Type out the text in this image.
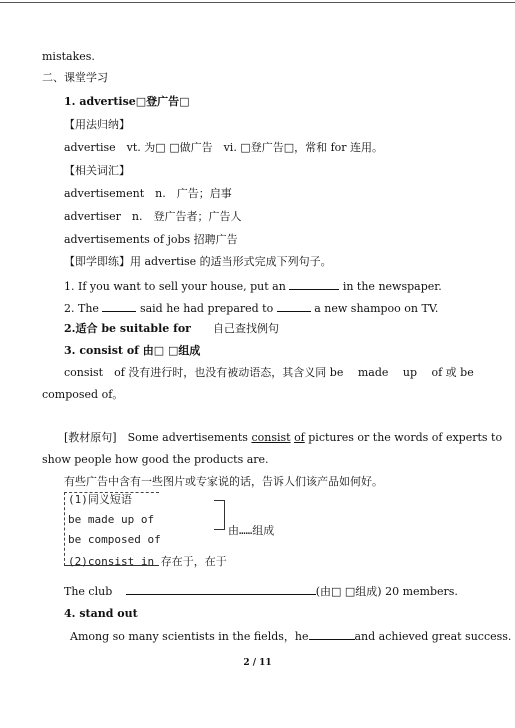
mistakes.
二、课堂学习
1. advertise□登广告□
【用法归纳】
advertise　vt. 为□ □做广告　vi. □登广告□，常和 for 连用。
【相关词汇】
advertisement　n.　广告；启事
advertiser　n.　登广告者；广告人
advertisements of jobs 招聘广告
【即学即练】用 advertise 的适当形式完成下列句子。
1. If you want to sell your house, put an	in the newspaper.
2. The	said he had prepared to	a new shampoo on TV.
2.适合 be suitable for 自己查找例句
3. consist of 由□ □组成
consist　of 没有进行时，也没有被动语态，其含义同 be　 made　 up　 of 或 be
composed of。
[教材原句]　Some advertisements consist of pictures or the words of experts to
show people how good the products are.
有些广告中含有一些图片或专家说的话，告诉人们该产品如何好。
(1)同义短语
be made up of
be composed of
由……组成
(2)consist in 存在于，在于
The club	(由□ □组成) 20 members.
4. stand out
Among so many scientists in the fields，he	and achieved great success.
2 / 11
